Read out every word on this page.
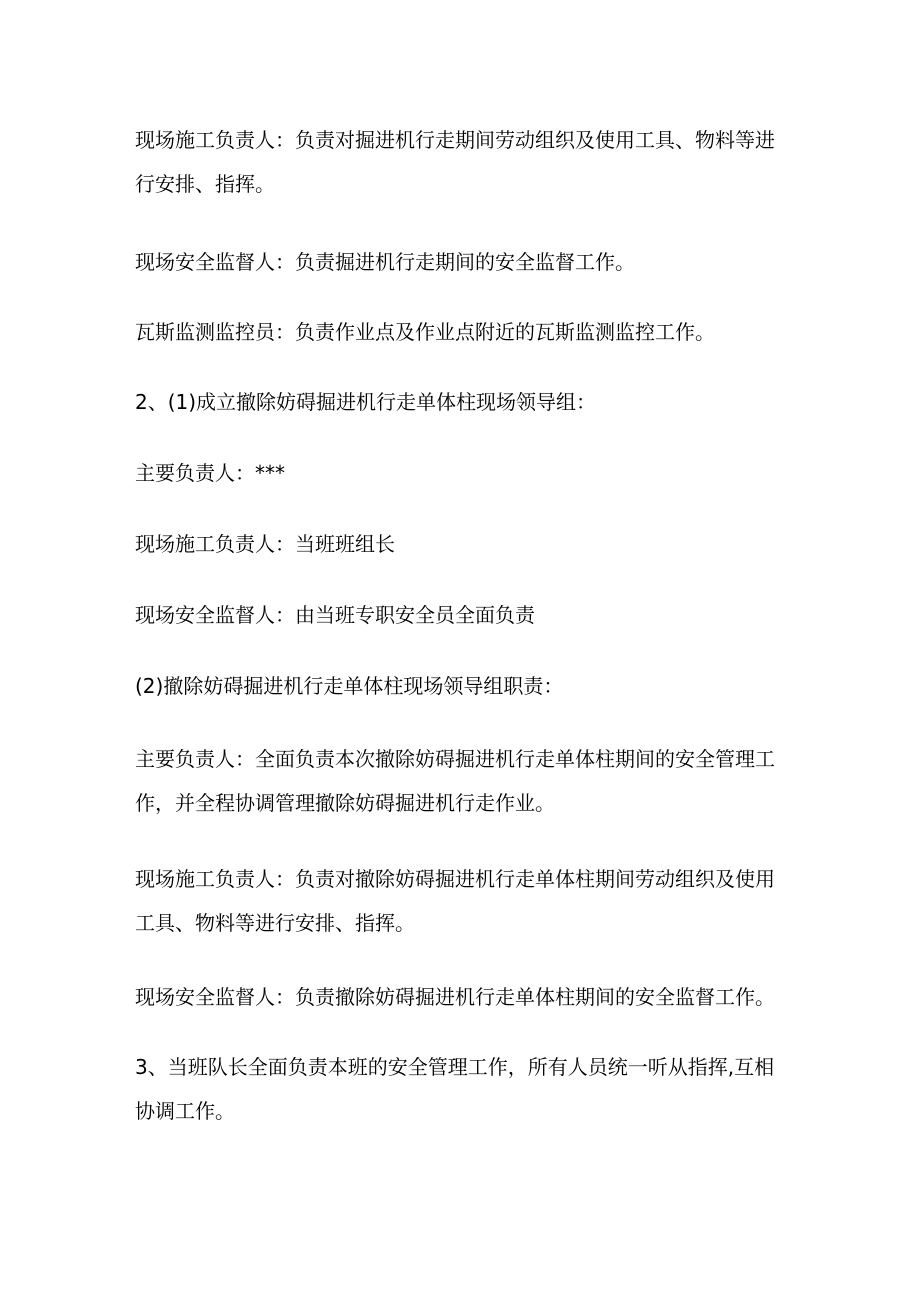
现场施工负责人：负责对掘进机行走期间劳动组织及使用工具、物料等进
行安排、指挥。
现场安全监督人：负责掘进机行走期间的安全监督工作。
瓦斯监测监控员：负责作业点及作业点附近的瓦斯监测监控工作。
2、(1)成立撤除妨碍掘进机行走单体柱现场领导组：
主要负责人：***
现场施工负责人：当班班组长
现场安全监督人：由当班专职安全员全面负责
(2)撤除妨碍掘进机行走单体柱现场领导组职责：
主要负责人：全面负责本次撤除妨碍掘进机行走单体柱期间的安全管理工
作，并全程协调管理撤除妨碍掘进机行走作业。
现场施工负责人：负责对撤除妨碍掘进机行走单体柱期间劳动组织及使用
工具、物料等进行安排、指挥。
现场安全监督人：负责撤除妨碍掘进机行走单体柱期间的安全监督工作。
3、当班队长全面负责本班的安全管理工作，所有人员统一听从指挥,互相
协调工作。
